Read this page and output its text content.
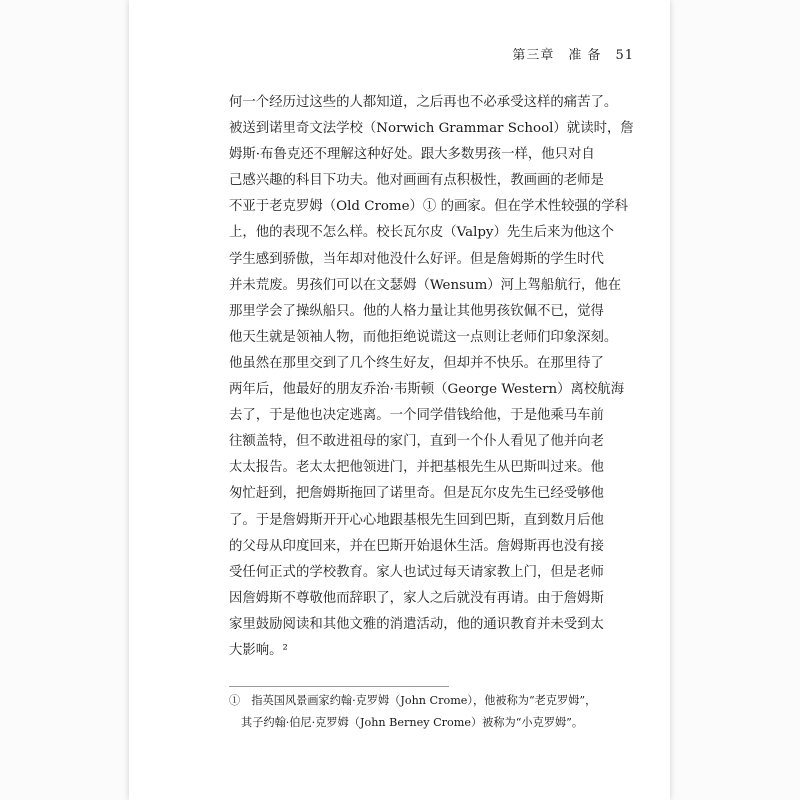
第三章　准 备　51
何一个经历过这些的人都知道，之后再也不必承受这样的痛苦了。
被送到诺里奇文法学校（Norwich Grammar School）就读时，詹
姆斯·布鲁克还不理解这种好处。跟大多数男孩一样，他只对自
己感兴趣的科目下功夫。他对画画有点积极性，教画画的老师是
不亚于老克罗姆（Old Crome）① 的画家。但在学术性较强的学科
上，他的表现不怎么样。校长瓦尔皮（Valpy）先生后来为他这个
学生感到骄傲，当年却对他没什么好评。但是詹姆斯的学生时代
并未荒废。男孩们可以在文瑟姆（Wensum）河上驾船航行，他在
那里学会了操纵船只。他的人格力量让其他男孩钦佩不已，觉得
他天生就是领袖人物，而他拒绝说谎这一点则让老师们印象深刻。
他虽然在那里交到了几个终生好友，但却并不快乐。在那里待了
两年后，他最好的朋友乔治·韦斯顿（George Western）离校航海
去了，于是他也决定逃离。一个同学借钱给他，于是他乘马车前
往额盖特，但不敢进祖母的家门，直到一个仆人看见了他并向老
太太报告。老太太把他领进门，并把基根先生从巴斯叫过来。他
匆忙赶到，把詹姆斯拖回了诺里奇。但是瓦尔皮先生已经受够他
了。于是詹姆斯开开心心地跟基根先生回到巴斯，直到数月后他
的父母从印度回来，并在巴斯开始退休生活。詹姆斯再也没有接
受任何正式的学校教育。家人也试过每天请家教上门，但是老师
因詹姆斯不尊敬他而辞职了，家人之后就没有再请。由于詹姆斯
家里鼓励阅读和其他文雅的消遣活动，他的通识教育并未受到太
大影响。²
①　指英国风景画家约翰·克罗姆（John Crome），他被称为“老克罗姆”，
其子约翰·伯尼·克罗姆（John Berney Crome）被称为“小克罗姆”。
